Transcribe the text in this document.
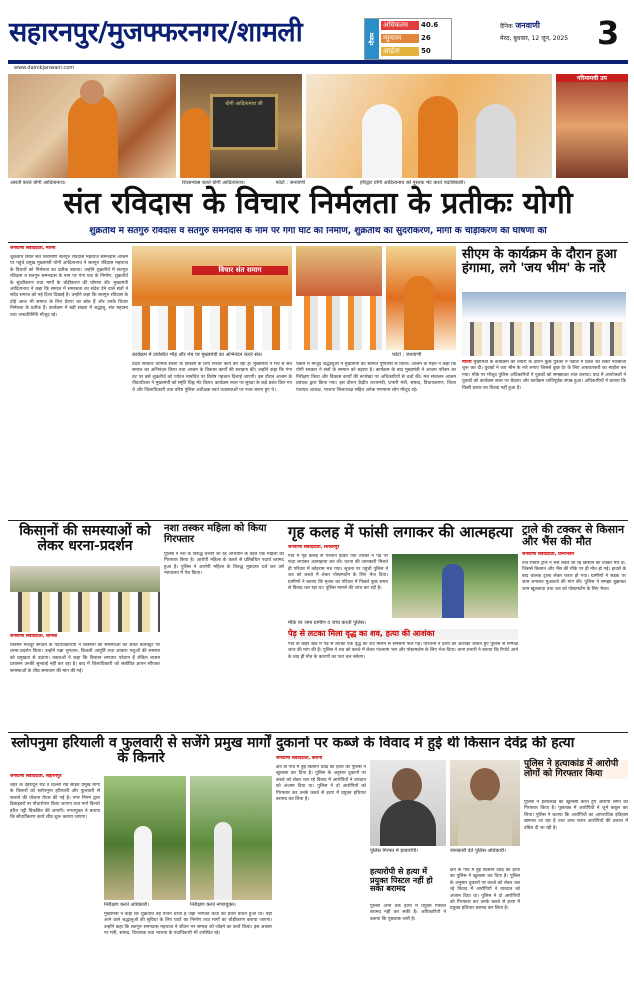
सहारनपुर/मुजफ्फरनगर/शामली	मौसम
अधिकतम 40.6
न्यूनतम	26
आर्द्रता	50
दैनिक जनवाणी
मेरठ, बुधवार, 12 जून, 2025 3
www.dainikjanwani.com
योगी आदित्यनाथ जी
गरिमामयी उप
आरती करते योगी आदित्यनाथ।	शिलान्यास करते योगी आदित्यनाथ।	हरिद्वार योगी आदित्यनाथ को पुस्तक भेंट करते पदाधिकारी।
फोटो : जनवाणी
संत रविदास के विचार निर्मलता के प्रतीकः योगी
शुक्रतीर्थ में सतगुरु रविदास व सतगुरु समनदास के नाम पर गंगा घाट का निर्माण, शुक्रतीर्थ का सुंदरीकरण, मार्गों के चौड़ीकरण की घोषणा की
जनवाणी संवाददाता, मोरना
शुक्रतीर्थ स्थित संत शिरोमणि सतगुरु रविदास महाराज समनदास आश्रम पर पहुंचे प्रमुख मुख्यमंत्री योगी आदित्यनाथ ने सतगुरु रविदास महाराज के विचारों को निर्मलता का प्रतीक बताया। उन्होंने शुक्रतीर्थ में सतगुरु रविदास व सतगुरु समनदास के नाम पर गंगा घाट के निर्माण, शुक्रतीर्थ के सुंदरीकरण तथा मार्गों के चौड़ीकरण की घोषणा की। मुख्यमंत्री आदित्यनाथ ने कहा कि समाज में समरसता का संदेश देने वाले संतों ने सदैव समाज को नई दिशा दिखाई है। उन्होंने कहा कि सतगुरु रविदास के दोहे आज भी समाज के लिए प्रेरणा का स्रोत हैं और उनके विचार निर्मलता के प्रतीक हैं। कार्यक्रम में बड़ी संख्या में श्रद्धालु, संत महात्मा तथा जनप्रतिनिधि मौजूद रहे।
विचार संत समाग
कार्यक्रम में उपस्थित भीड़ और मंच पर मुख्यमंत्री का अभिनंदन करते संत।	फोटो : जनवाणी
प्रदेश सरकार धार्मिक स्थलों के विकास के लिए निरंतर कार्य कर रही है। मुख्यमंत्री ने मंच से संत समाज का अभिनंदन किया तथा आश्रम के विकास कार्यों की सराहना की। उन्होंने कहा कि गंगा तट पर बसे शुक्रतीर्थ को पर्यटन मानचित्र पर विशेष पहचान दिलाई जाएगी। इस दौरान आश्रम के पीठाधीश्वर ने मुख्यमंत्री को स्मृति चिह्न भेंट किया। कार्यक्रम स्थल पर सुरक्षा के कड़े प्रबंध किए गए थे और जिलाधिकारी तथा वरिष्ठ पुलिस अधीक्षक स्वयं व्यवस्थाओं पर नजर बनाए हुए थे।
पंडाल में मौजूद श्रद्धालुओं ने मुख्यमंत्री का स्वागत पुष्पवर्षा से किया। आश्रम के महंत ने कहा कि योगी सरकार ने संतों के सम्मान को बढ़ाया है। कार्यक्रम के बाद मुख्यमंत्री ने आश्रम परिसर का निरीक्षण किया और विकास कार्यों की रूपरेखा पर अधिकारियों से चर्चा की। मंच संचालन आश्रम प्रबंधक द्वारा किया गया। इस दौरान केंद्रीय राज्यमंत्री, प्रभारी मंत्री, सांसद, विधायकगण, जिला पंचायत अध्यक्ष, भाजपा जिलाध्यक्ष सहित अनेक गणमान्य लोग मौजूद रहे।
सीएम के कार्यक्रम के दौरान हुआ हंगामा, लगे 'जय भीम' के नारे
मोरना मुख्यमंत्री के कार्यक्रम की तैयारी के दौरान कुछ युवकों ने पंडाल में प्रवेश को लेकर नारेबाजी शुरू कर दी। युवकों ने जय भीम के नारे लगाए जिससे कुछ देर के लिए अफरातफरी का माहौल बन गया। मौके पर मौजूद पुलिस अधिकारियों ने युवकों को समझाकर शांत कराया। बाद में आयोजकों ने युवकों को कार्यक्रम स्थल पर बैठाया और कार्यक्रम शांतिपूर्वक संपन्न हुआ। अधिकारियों ने बताया कि किसी प्रकार का विवाद नहीं हुआ है।
किसानों की समस्याओं को लेकर धरना-प्रदर्शन
जनवाणी संवाददाता, शामली
किसान मजदूर संगठन के पदाधिकारियों ने किसानों की समस्याओं को लेकर कलेक्ट्रेट पर धरना-प्रदर्शन किया। उन्होंने गन्ना भुगतान, बिजली आपूर्ति तथा आवारा पशुओं की समस्या को प्रमुखता से उठाया। वक्ताओं ने कहा कि किसान लगातार परेशान हैं लेकिन शासन प्रशासन उनकी सुनवाई नहीं कर रहा है। बाद में जिलाधिकारी को संबोधित ज्ञापन सौंपकर समस्याओं के शीघ्र समाधान की मांग की गई।
नशा तस्कर महिला को किया गिरफ्तार
पुलिस ने नशे के विरुद्ध चलाए जा रहे अभियान के तहत एक महिला को गिरफ्तार किया है। आरोपी महिला के कब्जे से प्रतिबंधित पदार्थ बरामद हुआ है। पुलिस ने आरोपी महिला के विरुद्ध मुकदमा दर्ज कर उसे न्यायालय में पेश किया।
गृह कलह में फांसी लगाकर की आत्महत्या
जनवाणी संवाददाता, शिकारपुर
गांव में गृह कलह से परेशान होकर एक व्यक्ति ने पेड़ पर फंदा लगाकर आत्महत्या कर ली। घटना की जानकारी मिलते ही परिवार में कोहराम मच गया। सूचना पर पहुंची पुलिस ने शव को कब्जे में लेकर पोस्टमार्टम के लिए भेज दिया। ग्रामीणों ने बताया कि मृतक का परिवार में पिछले कुछ समय से विवाद चल रहा था। पुलिस मामले की जांच कर रही है।
मौके पर जमा ग्रामीण व जांच करती पुलिस।
पेड़ से लटका मिला वृद्ध का शव, हत्या की आशंका
गांव के बाहर खेत में पेड़ से लटका एक वृद्ध का शव मिलने से सनसनी फैल गई। परिजनों ने हत्या की आशंका जताते हुए पुलिस से निष्पक्ष जांच की मांग की है। पुलिस ने शव को कब्जे में लेकर पंचनामा भरा और पोस्टमार्टम के लिए भेज दिया। थाना प्रभारी ने बताया कि रिपोर्ट आने के बाद ही मौत के कारणों का पता चल सकेगा।
ट्राले की टक्कर से किसान और भैंस की मौत
जनवाणी संवाददाता, थानाभवन
तेज रफ्तार ट्राले ने भैंस लेकर जा रहे किसान को टक्कर मार दी, जिससे किसान और भैंस की मौके पर ही मौत हो गई। हादसे के बाद चालक ट्राला लेकर फरार हो गया। ग्रामीणों ने सड़क पर जाम लगाकर मुआवजे की मांग की। पुलिस ने समझा बुझाकर जाम खुलवाया तथा शव को पोस्टमार्टम के लिए भेजा।
स्लोपनुमा हरियाली व फुलवारी से सजेंगे प्रमुख मार्गों के किनारे
जनवाणी संवाददाता, सहारनपुर
शहर के देहरादून रोड व दिल्ली रोड सहित प्रमुख मार्गों के किनारों को स्लोपनुमा हरियाली और फुलवारी से सजाने की योजना तैयार की गई है। नगर निगम द्वारा डिवाइडरों पर पौधारोपण किया जाएगा तथा मार्ग किनारे हरित पट्टी विकसित की जाएगी। नगरायुक्त ने बताया कि सौंदर्यीकरण कार्य शीघ्र शुरू कराया जाएगा।
निरीक्षण करते अधिकारी।	निरीक्षण करते नगरायुक्त।
मुख्यमंत्री ने कहा कि शुक्रतीर्थ वह पावन धरती है जहां भागवत कथा का प्रथम वाचन हुआ था। यहां आने वाले श्रद्धालुओं की सुविधा के लिए घाटों का निर्माण तथा मार्गों का चौड़ीकरण कराया जाएगा। उन्होंने कहा कि सतगुरु समनदास महाराज ने जीवन भर समाज को जोड़ने का कार्य किया। इस अवसर पर मंत्री, सांसद, विधायक तथा भाजपा के पदाधिकारी भी उपस्थित रहे।
दुकानों पर कब्जे के विवाद में हुई थी किसान देवेंद्र की हत्या
जनवाणी संवाददाता, कैराना
क्षेत्र के गांव में हुई किसान देवेंद्र की हत्या का पुलिस ने खुलासा कर दिया है। पुलिस के अनुसार दुकानों पर कब्जे को लेकर चल रहे विवाद में आरोपियों ने वारदात को अंजाम दिया था। पुलिस ने दो आरोपियों को गिरफ्तार कर उनके कब्जे से हत्या में प्रयुक्त हथियार बरामद कर लिया है।
पुलिस गिरफ्त में हत्यारोपी।	जानकारी देते पुलिस अधिकारी।
हत्यारोपी से हत्या में प्रयुक्त पिस्टल नहीं हो सका बरामद
पुलिस अभी तक हत्या में प्रयुक्त पिस्टल बरामद नहीं कर सकी है। अधिकारियों ने बताया कि पूछताछ जारी है।
क्षेत्र के गांव में हुई किसान देवेंद्र की हत्या का पुलिस ने खुलासा कर दिया है। पुलिस के अनुसार दुकानों पर कब्जे को लेकर चल रहे विवाद में आरोपियों ने वारदात को अंजाम दिया था। पुलिस ने दो आरोपियों को गिरफ्तार कर उनके कब्जे से हत्या में प्रयुक्त हथियार बरामद कर लिया है।
पुलिस ने हत्याकांड में आरोपी लोगों को गिरफ्तार किया
पुलिस ने हत्याकांड का खुलासा करते हुए आरोपी लोगों को गिरफ्तार किया है। पूछताछ में आरोपियों ने जुर्म कबूल कर लिया। पुलिस ने बताया कि आरोपियों का आपराधिक इतिहास खंगाला जा रहा है तथा अन्य फरार आरोपियों की तलाश में दबिश दी जा रही है।
